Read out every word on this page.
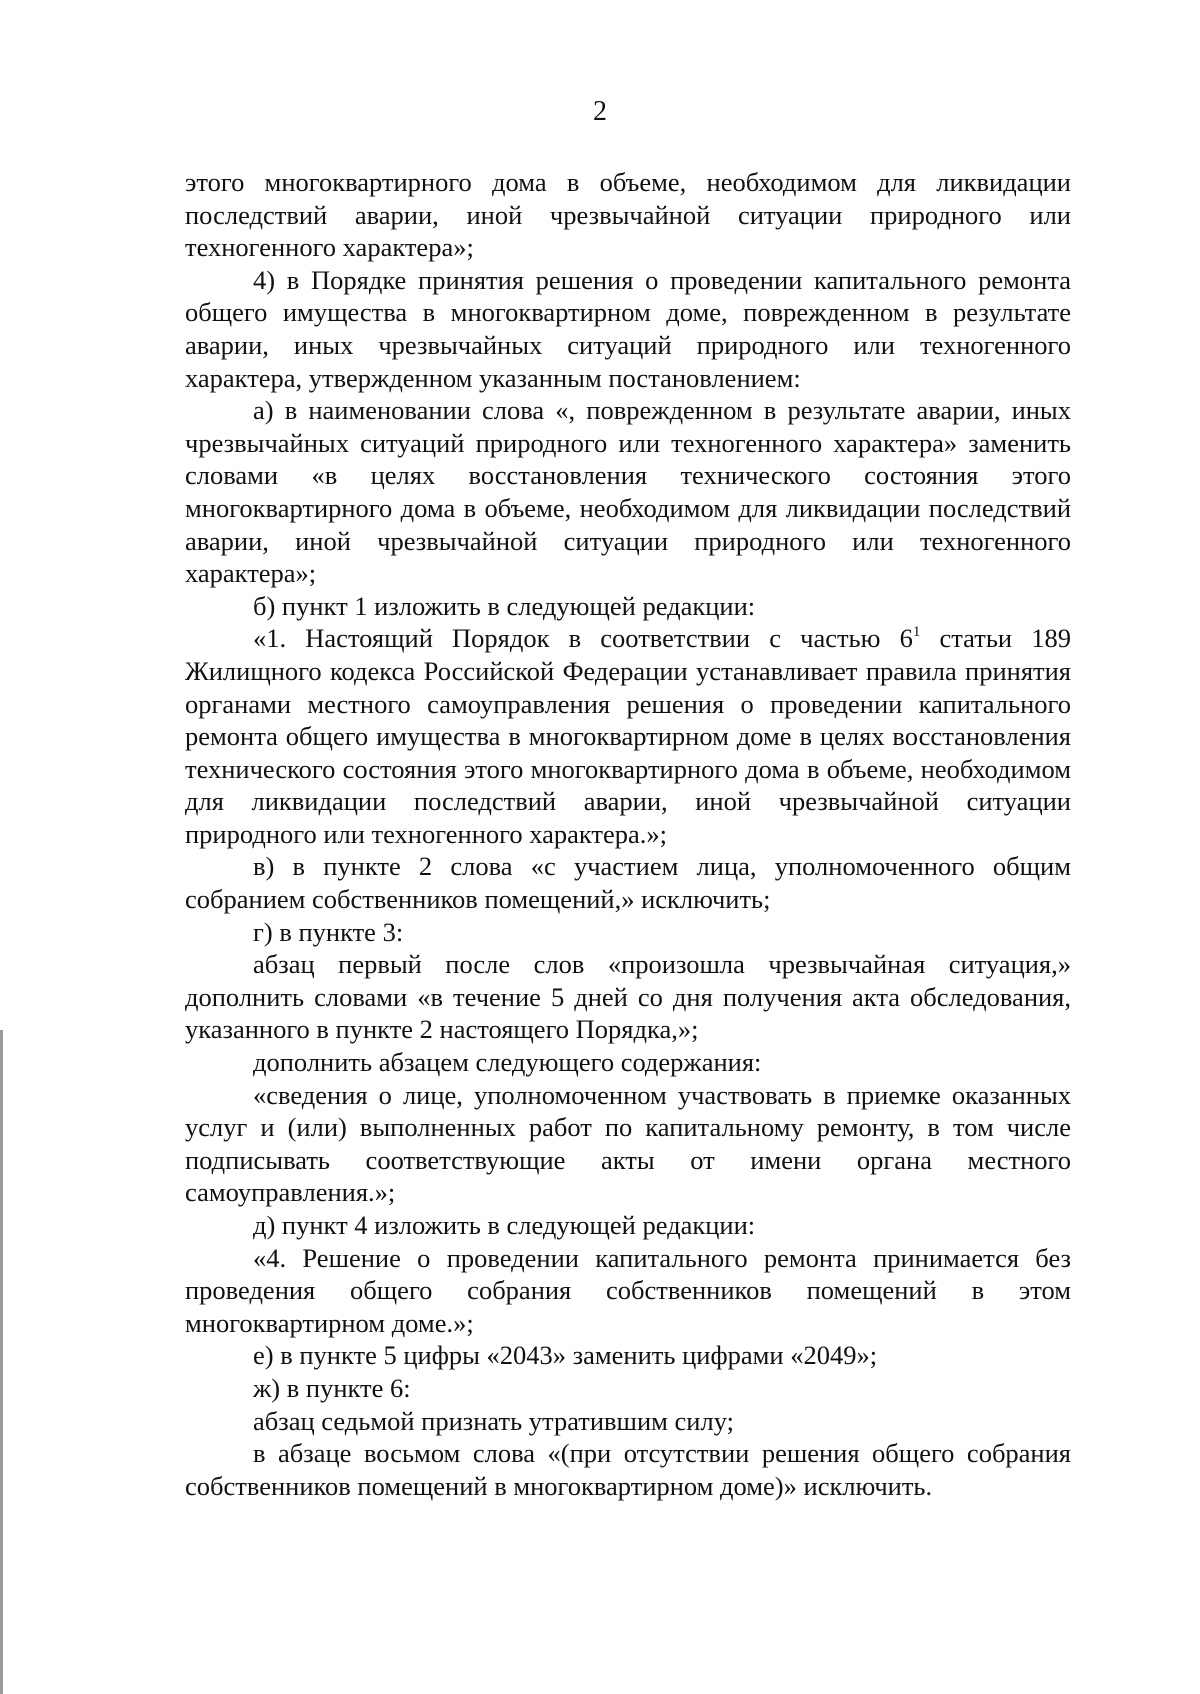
2

этого многоквартирного дома в объеме, необходимом для ликвидации последствий аварии, иной чрезвычайной ситуации природного или техногенного характера»;

4) в Порядке принятия решения о проведении капитального ремонта общего имущества в многоквартирном доме, поврежденном в результате аварии, иных чрезвычайных ситуаций природного или техногенного характера, утвержденном указанным постановлением:

а) в наименовании слова «, поврежденном в результате аварии, иных чрезвычайных ситуаций природного или техногенного характера» заменить словами «в целях восстановления технического состояния этого многоквартирного дома в объеме, необходимом для ликвидации последствий аварии, иной чрезвычайной ситуации природного или техногенного характера»;

б) пункт 1 изложить в следующей редакции:

«1. Настоящий Порядок в соответствии с частью $6^1$ статьи 189 Жилищного кодекса Российской Федерации устанавливает правила принятия органами местного самоуправления решения о проведении капитального ремонта общего имущества в многоквартирном доме в целях восстановления технического состояния этого многоквартирного дома в объеме, необходимом для ликвидации последствий аварии, иной чрезвычайной ситуации природного или техногенного характера.»;

в) в пункте 2 слова «с участием лица, уполномоченного общим собранием собственников помещений,» исключить;

г) в пункте 3:

абзац первый после слов «произошла чрезвычайная ситуация,» дополнить словами «в течение 5 дней со дня получения акта обследования, указанного в пункте 2 настоящего Порядка,»;

дополнить абзацем следующего содержания:

«сведения о лице, уполномоченном участвовать в приемке оказанных услуг и (или) выполненных работ по капитальному ремонту, в том числе подписывать соответствующие акты от имени органа местного самоуправления.»;

д) пункт 4 изложить в следующей редакции:

«4. Решение о проведении капитального ремонта принимается без проведения общего собрания собственников помещений в этом многоквартирном доме.»;

е) в пункте 5 цифры «2043» заменить цифрами «2049»;

ж) в пункте 6:

абзац седьмой признать утратившим силу;

в абзаце восьмом слова «(при отсутствии решения общего собрания собственников помещений в многоквартирном доме)» исключить.
